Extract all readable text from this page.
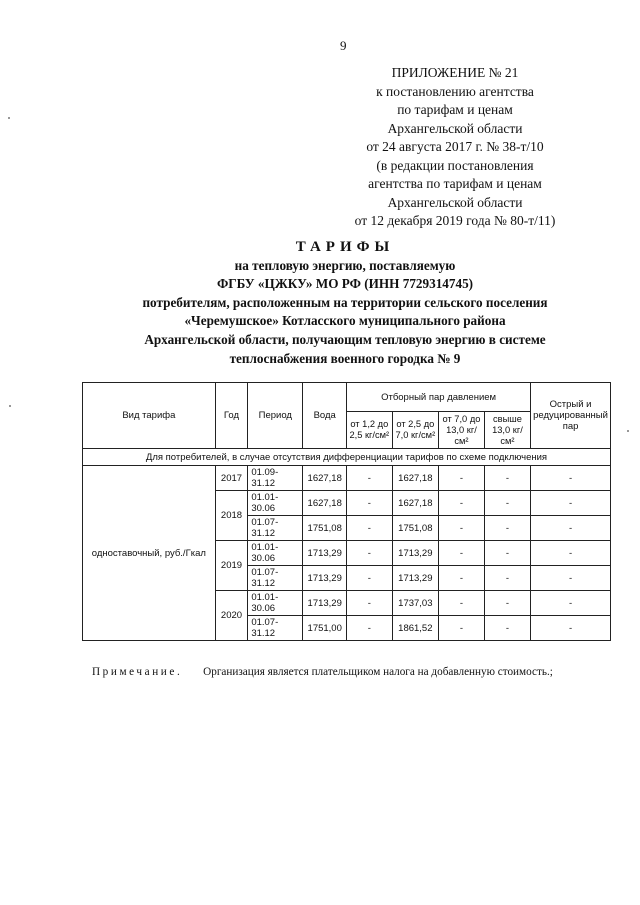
9
ПРИЛОЖЕНИЕ № 21
к постановлению агентства
по тарифам и ценам
Архангельской области
от 24 августа 2017 г. № 38-т/10
(в редакции постановления
агентства по тарифам и ценам
Архангельской области
от 12 декабря 2019 года № 80-т/11)
ТАРИФЫ
на тепловую энергию, поставляемую
ФГБУ «ЦЖКУ» МО РФ (ИНН 7729314745)
потребителям, расположенным на территории сельского поселения
«Черемушское» Котласского муниципального района
Архангельской области, получающим тепловую энергию в системе
теплоснабжения военного городка № 9
Вид тарифа	Год	Период	Вода	Отборный пар давлением				Острый и редуцированный пар
				от 1,2 до 2,5 кг/см²	от 2,5 до 7,0 кг/см²	от 7,0 до 13,0 кг/см²	свыше 13,0 кг/см²	
Для потребителей, в случае отсутствия дифференциации тарифов по схеме подключения								
одноставочный, руб./Гкал	2017	01.09-31.12	1627,18	-	1627,18	-	-	-
	2018	01.01-30.06	1627,18	-	1627,18	-	-	-
		01.07-31.12	1751,08	-	1751,08	-	-	-
	2019	01.01-30.06	1713,29	-	1713,29	-	-	-
		01.07-31.12	1713,29	-	1713,29	-	-	-
	2020	01.01-30.06	1713,29	-	1737,03	-	-	-
		01.07-31.12	1751,00	-	1861,52	-	-	-
Примечание. Организация является плательщиком налога на добавленную стоимость.;
